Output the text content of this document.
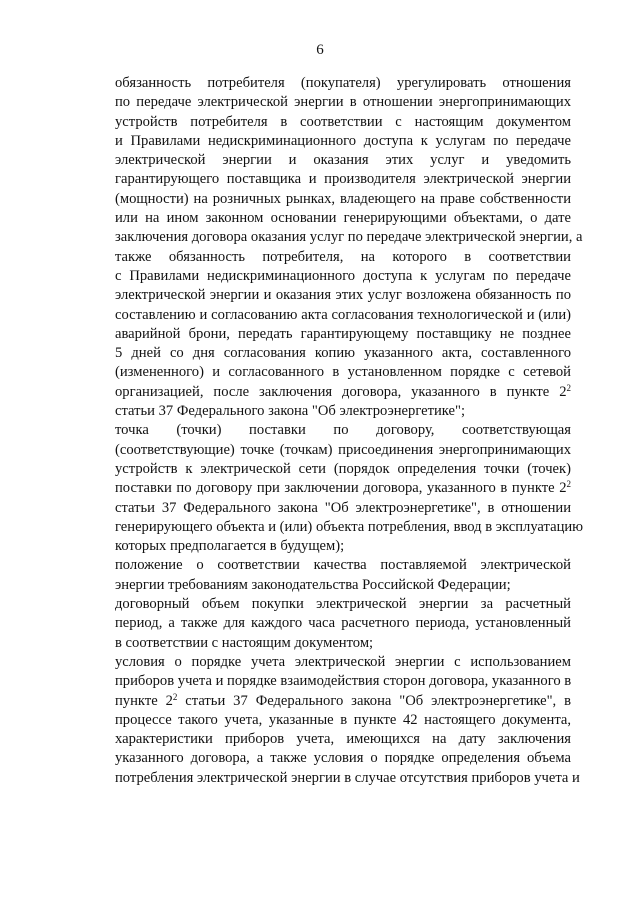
6
обязанность потребителя (покупателя) урегулировать отношения
по передаче электрической энергии в отношении энергопринимающих
устройств потребителя в соответствии с настоящим документом
и Правилами недискриминационного доступа к услугам по передаче
электрической энергии и оказания этих услуг и уведомить
гарантирующего поставщика и производителя электрической энергии
(мощности) на розничных рынках, владеющего на праве собственности
или на ином законном основании генерирующими объектами, о дате
заключения договора оказания услуг по передаче электрической энергии, а
также обязанность потребителя, на которого в соответствии
с Правилами недискриминационного доступа к услугам по передаче
электрической энергии и оказания этих услуг возложена обязанность по
составлению и согласованию акта согласования технологической и (или)
аварийной брони, передать гарантирующему поставщику не позднее
5 дней со дня согласования копию указанного акта, составленного
(измененного) и согласованного в установленном порядке с сетевой
организацией, после заключения договора, указанного в пункте $2^2$
статьи 37 Федерального закона "Об электроэнергетике";
точка (точки) поставки по договору, соответствующая
(соответствующие) точке (точкам) присоединения энергопринимающих
устройств к электрической сети (порядок определения точки (точек)
поставки по договору при заключении договора, указанного в пункте $2^2$
статьи 37 Федерального закона "Об электроэнергетике", в отношении
генерирующего объекта и (или) объекта потребления, ввод в эксплуатацию
которых предполагается в будущем);
положение о соответствии качества поставляемой электрической
энергии требованиям законодательства Российской Федерации;
договорный объем покупки электрической энергии за расчетный
период, а также для каждого часа расчетного периода, установленный
в соответствии с настоящим документом;
условия о порядке учета электрической энергии с использованием
приборов учета и порядке взаимодействия сторон договора, указанного в
пункте $2^2$ статьи 37 Федерального закона "Об электроэнергетике", в
процессе такого учета, указанные в пункте 42 настоящего документа,
характеристики приборов учета, имеющихся на дату заключения
указанного договора, а также условия о порядке определения объема
потребления электрической энергии в случае отсутствия приборов учета и
